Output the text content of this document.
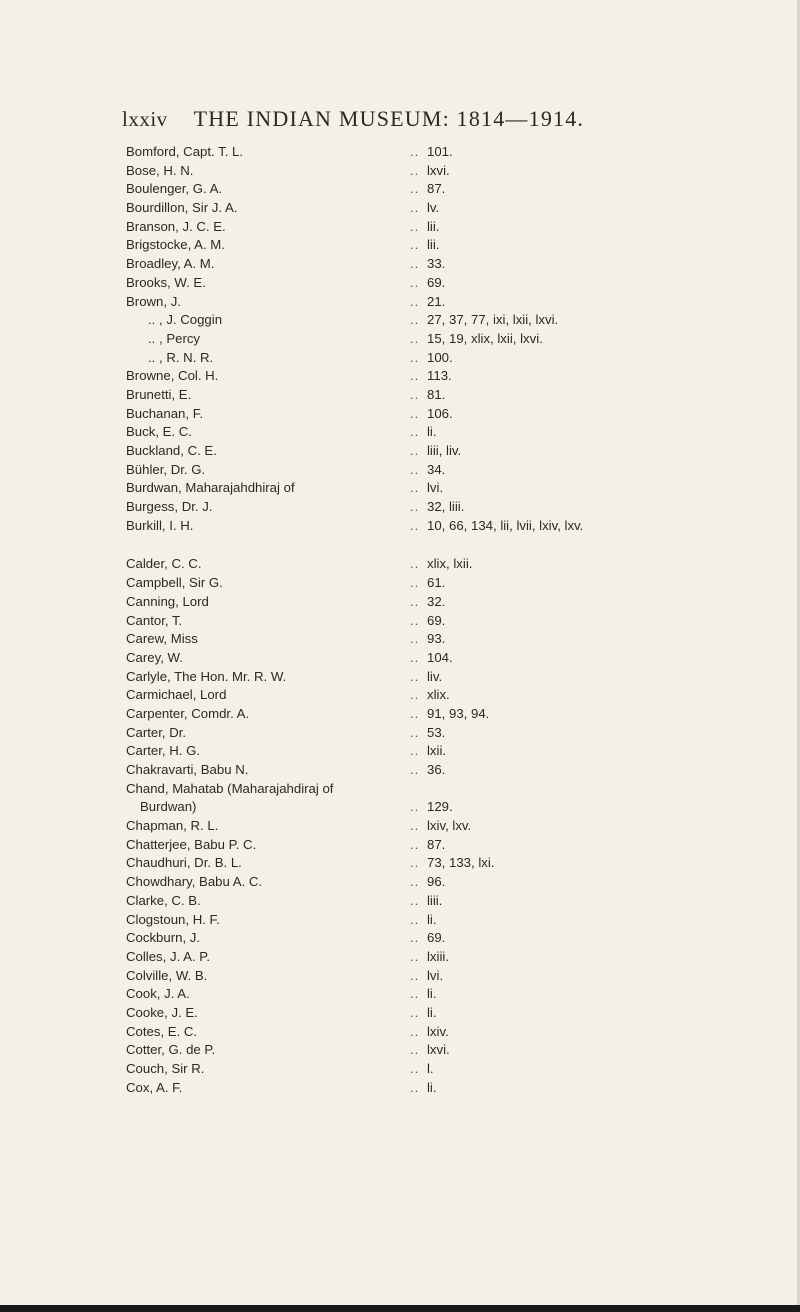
lxxiv THE INDIAN MUSEUM: 1814—1914.
Bomford, Capt. T. L.	.. 101.
Bose, H. N.	.. lxvi.
Boulenger, G. A.	.. 87.
Bourdillon, Sir J. A.	.. lv.
Branson, J. C. E.	.. lii.
Brigstocke, A. M.	.. lii.
Broadley, A. M.	.. 33.
Brooks, W. E.	.. 69.
Brown, J.	.. 21.
.. , J. Coggin	.. 27, 37, 77, ixi, lxii, lxvi.
.. , Percy	.. 15, 19, xlix, lxii, lxvi.
.. , R. N. R.	.. 100.
Browne, Col. H.	.. 113.
Brunetti, E.	.. 81.
Buchanan, F.	.. 106.
Buck, E. C.	.. li.
Buckland, C. E.	.. liii, liv.
Bühler, Dr. G.	.. 34.
Burdwan, Maharajahdhiraj of	.. lvi.
Burgess, Dr. J.	.. 32, liii.
Burkill, I. H.	.. 10, 66, 134, lii, lvii, lxiv, lxv.
Calder, C. C.	.. xlix, lxii.
Campbell, Sir G.	.. 61.
Canning, Lord	.. 32.
Cantor, T.	.. 69.
Carew, Miss	.. 93.
Carey, W.	.. 104.
Carlyle, The Hon. Mr. R. W.	.. liv.
Carmichael, Lord	.. xlix.
Carpenter, Comdr. A.	.. 91, 93, 94.
Carter, Dr.	.. 53.
Carter, H. G.	.. lxii.
Chakravarti, Babu N.	.. 36.
Chand, Mahatab (Maharajahdiraj of
Burdwan)	.. 129.
Chapman, R. L.	.. lxiv, lxv.
Chatterjee, Babu P. C.	.. 87.
Chaudhuri, Dr. B. L.	.. 73, 133, lxi.
Chowdhary, Babu A. C.	.. 96.
Clarke, C. B.	.. liii.
Clogstoun, H. F.	.. li.
Cockburn, J.	.. 69.
Colles, J. A. P.	.. lxiii.
Colville, W. B.	.. lvi.
Cook, J. A.	.. li.
Cooke, J. E.	.. li.
Cotes, E. C.	.. lxiv.
Cotter, G. de P.	.. lxvi.
Couch, Sir R.	.. l.
Cox, A. F.	.. li.
